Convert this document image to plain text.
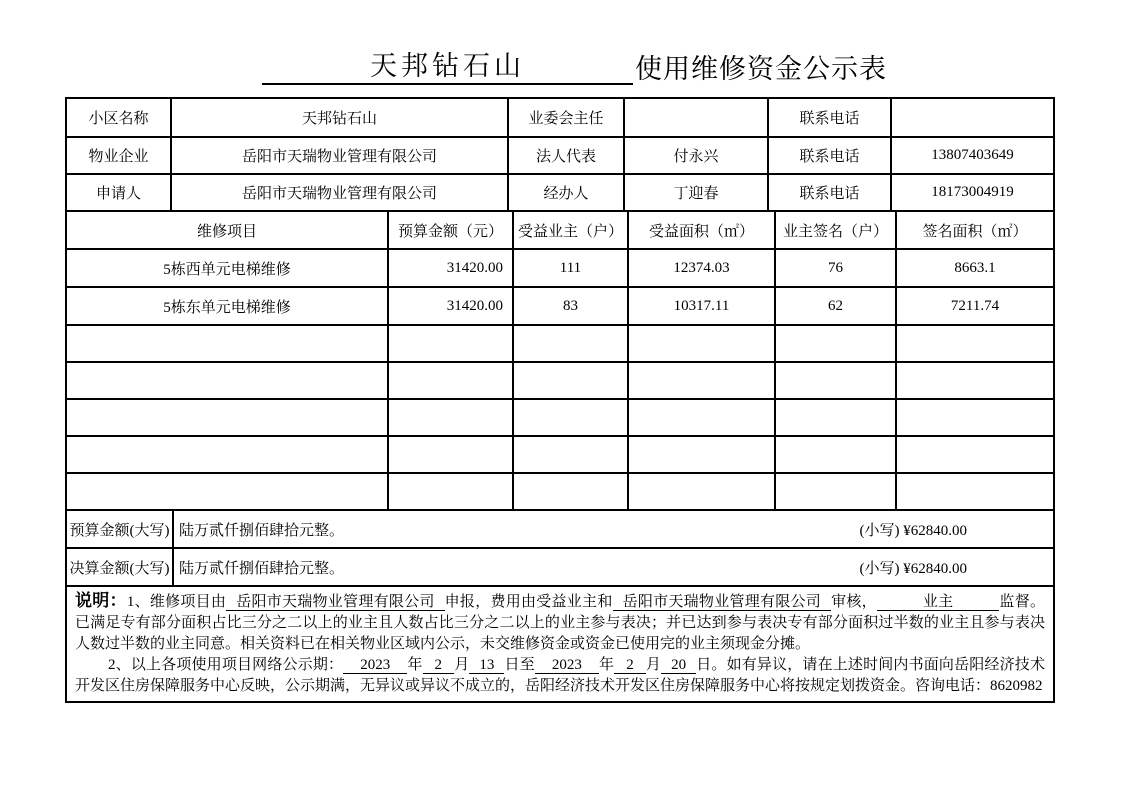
天邦钻石山	使用维修资金公示表
小区名称	天邦钻石山	业委会主任		联系电话	
物业企业	岳阳市天瑞物业管理有限公司	法人代表	付永兴	联系电话	13807403649
申请人	岳阳市天瑞物业管理有限公司	经办人	丁迎春	联系电话	18173004919
维修项目	预算金额（元）	受益业主（户）	受益面积（㎡）	业主签名（户）	签名面积（㎡）
5栋西单元电梯维修	31420.00	111	12374.03	76	8663.1
5栋东单元电梯维修	31420.00	83	10317.11	62	7211.74

预算金额(大写)	陆万贰仟捌佰肆拾元整。 (小写) ¥62840.00

决算金额(大写)	陆万贰仟捌佰肆拾元整。 (小写) ¥62840.00

说明：1、维修项目由 岳阳市天瑞物业管理有限公司 申报，费用由受益业主和 岳阳市天瑞物业管理有限公司 审核，	业主	监督。已满足专有部分面积占比三分之二以上的业主且人数占比三分之二以上的业主参与表决；并已达到参与表决专有部分面积过半数的业主且参与表决人数过半数的业主同意。相关资料已在相关物业区域内公示，未交维修资金或资金已使用完的业主须现金分摊。

2、以上各项使用项目网络公示期： 2023 年 2 月 13 日至 2023 年 2 月 20 日。如有异议，请在上述时间内书面向岳阳经济技术开发区住房保障服务中心反映，公示期满，无异议或异议不成立的，岳阳经济技术开发区住房保障服务中心将按规定划拨资金。咨询电话：8620982
